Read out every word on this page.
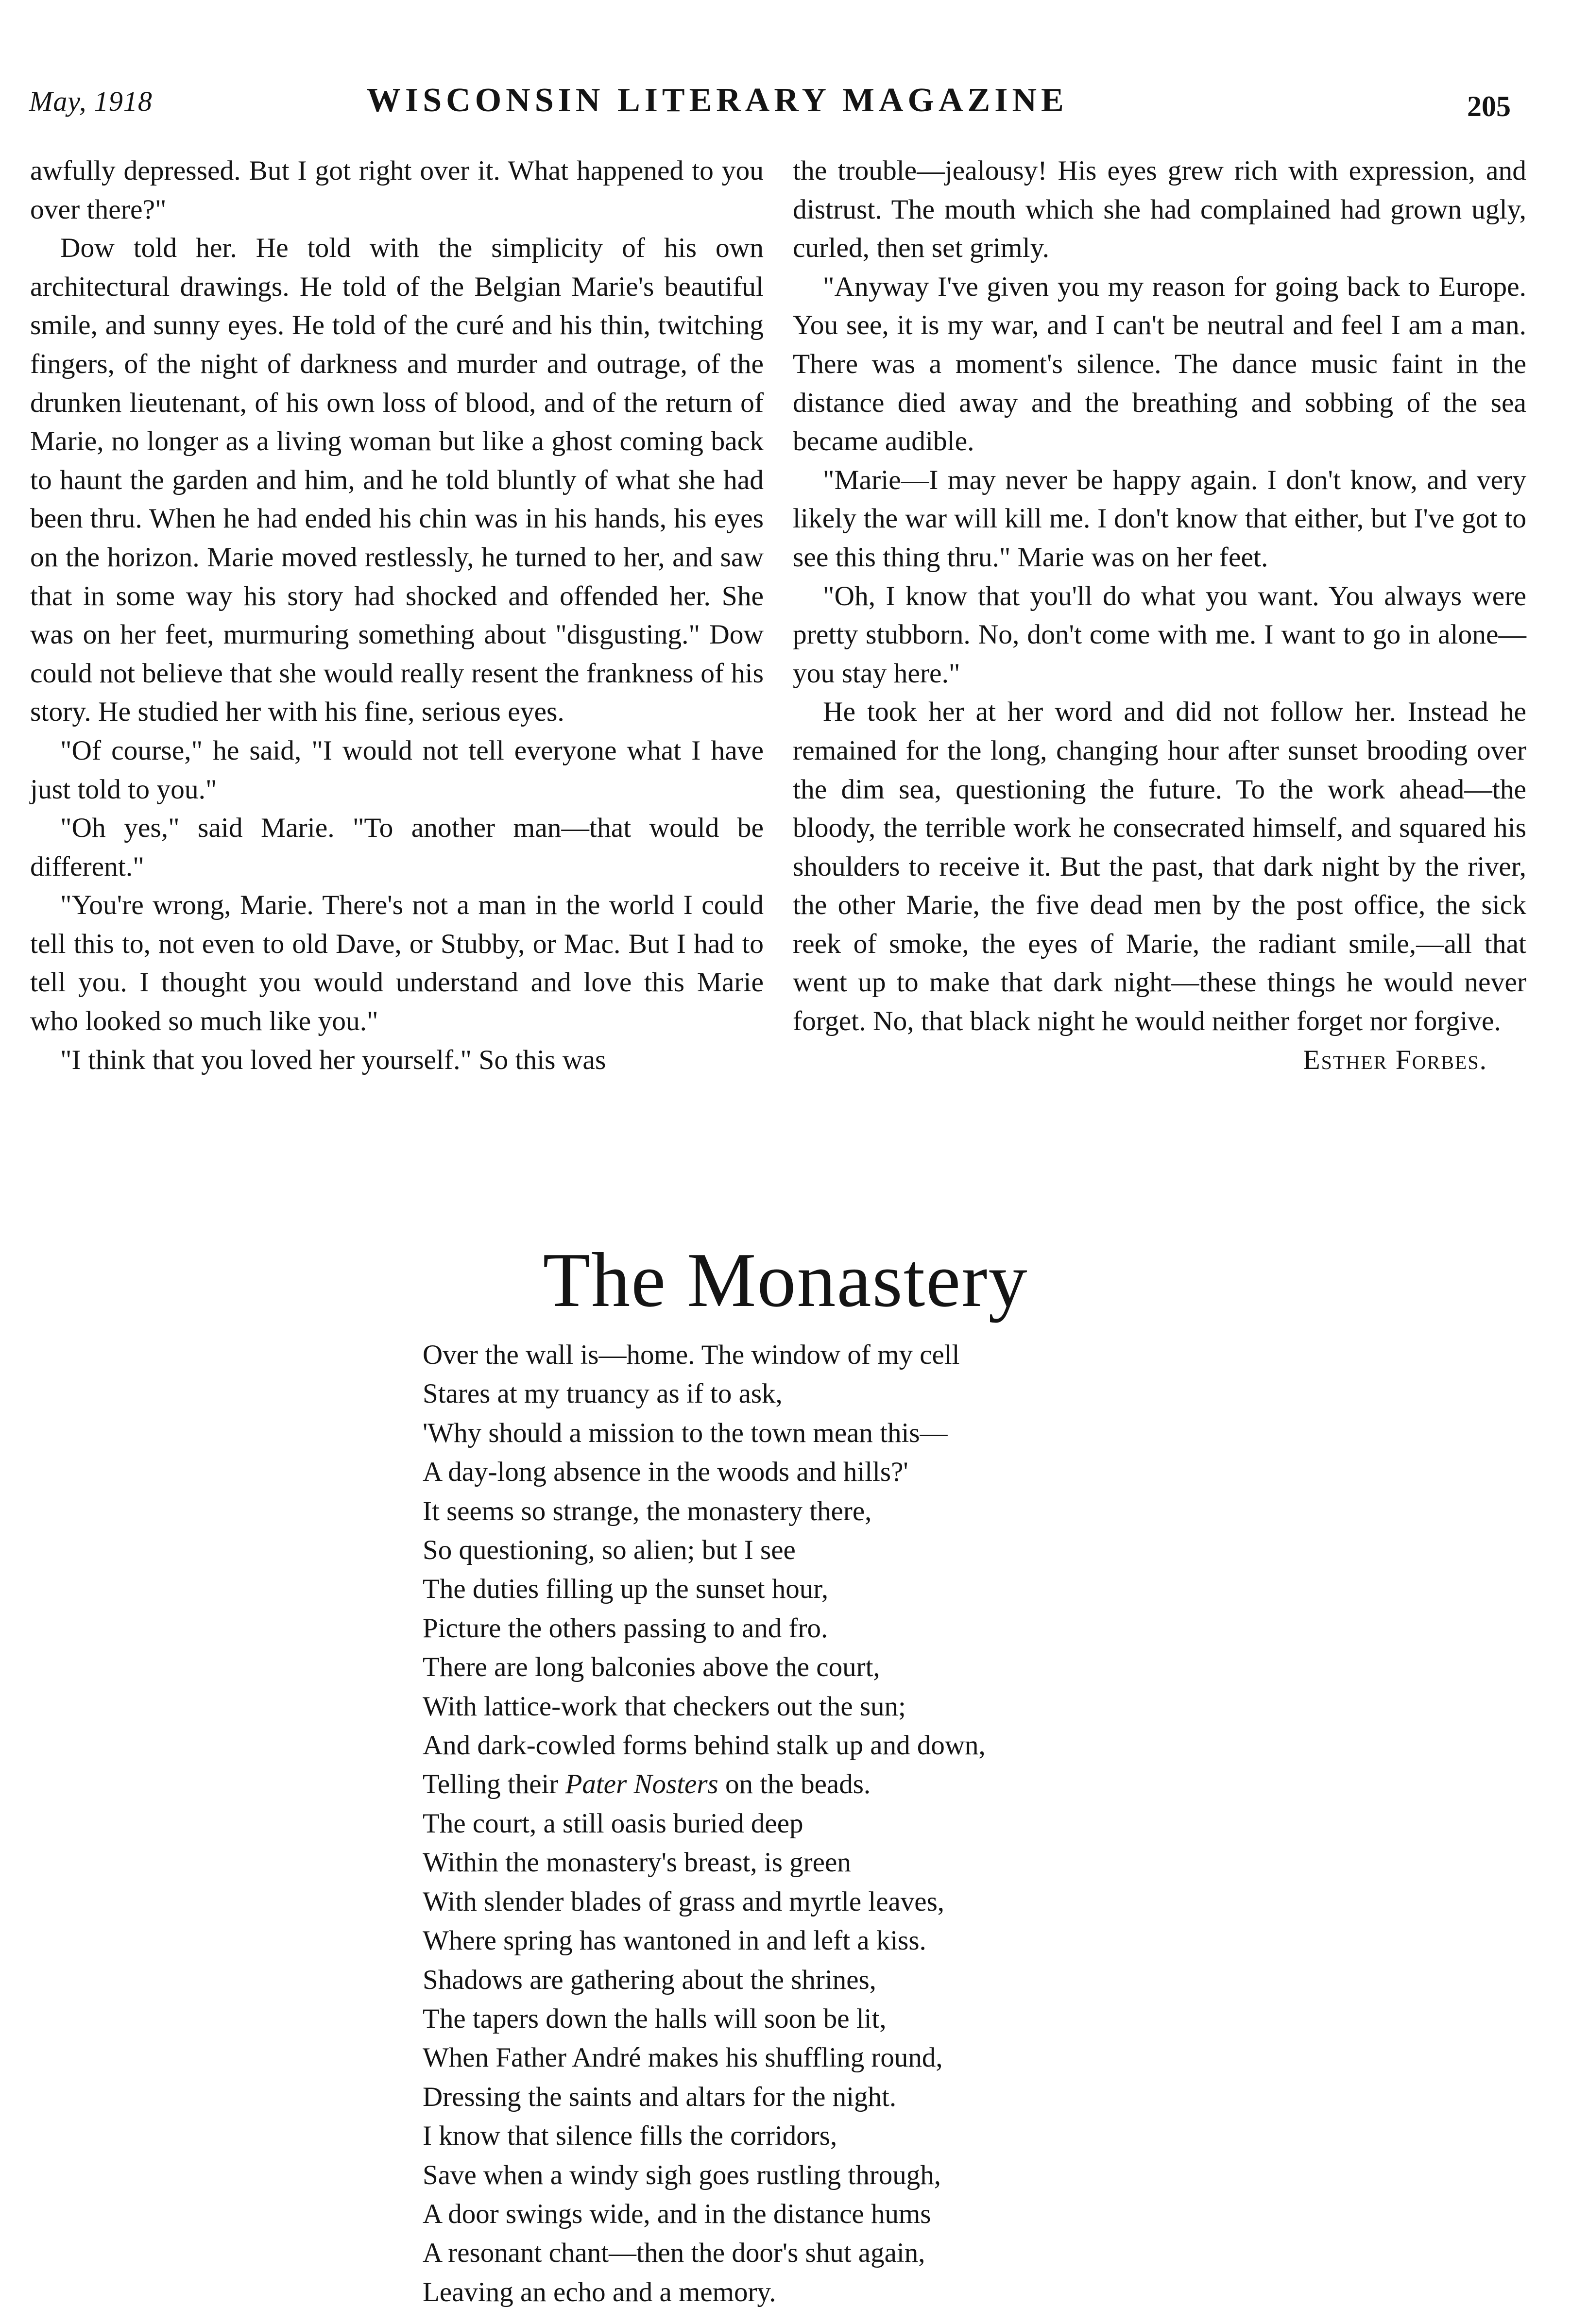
May, 1918	WISCONSIN LITERARY MAGAZINE	205

awfully depressed. But I got right over it. What happened to you over there?"

Dow told her. He told with the simplicity of his own architectural drawings. He told of the Belgian Marie's beautiful smile, and sunny eyes. He told of the curé and his thin, twitching fingers, of the night of darkness and murder and outrage, of the drunken lieutenant, of his own loss of blood, and of the return of Marie, no longer as a living woman but like a ghost coming back to haunt the garden and him, and he told bluntly of what she had been thru. When he had ended his chin was in his hands, his eyes on the horizon. Marie moved restlessly, he turned to her, and saw that in some way his story had shocked and offended her. She was on her feet, murmuring something about "disgusting." Dow could not believe that she would really resent the frankness of his story. He studied her with his fine, serious eyes.

"Of course," he said, "I would not tell everyone what I have just told to you."

"Oh yes," said Marie. "To another man—that would be different."

"You're wrong, Marie. There's not a man in the world I could tell this to, not even to old Dave, or Stubby, or Mac. But I had to tell you. I thought you would understand and love this Marie who looked so much like you."

"I think that you loved her yourself." So this was

the trouble—jealousy! His eyes grew rich with expression, and distrust. The mouth which she had complained had grown ugly, curled, then set grimly.

"Anyway I've given you my reason for going back to Europe. You see, it is my war, and I can't be neutral and feel I am a man. There was a moment's silence. The dance music faint in the distance died away and the breathing and sobbing of the sea became audible.

"Marie—I may never be happy again. I don't know, and very likely the war will kill me. I don't know that either, but I've got to see this thing thru." Marie was on her feet.

"Oh, I know that you'll do what you want. You always were pretty stubborn. No, don't come with me. I want to go in alone—you stay here."

He took her at her word and did not follow her. Instead he remained for the long, changing hour after sunset brooding over the dim sea, questioning the future. To the work ahead—the bloody, the terrible work he consecrated himself, and squared his shoulders to receive it. But the past, that dark night by the river, the other Marie, the five dead men by the post office, the sick reek of smoke, the eyes of Marie, the radiant smile,—all that went up to make that dark night—these things he would never forget. No, that black night he would neither forget nor forgive.

Esther Forbes.

The Monastery
Over the wall is—home. The window of my cell
Stares at my truancy as if to ask,
'Why should a mission to the town mean this—
A day-long absence in the woods and hills?'
It seems so strange, the monastery there,
So questioning, so alien; but I see
The duties filling up the sunset hour,
Picture the others passing to and fro.
There are long balconies above the court,
With lattice-work that checkers out the sun;
And dark-cowled forms behind stalk up and down,
Telling their Pater Nosters on the beads.
The court, a still oasis buried deep
Within the monastery's breast, is green
With slender blades of grass and myrtle leaves,
Where spring has wantoned in and left a kiss.
Shadows are gathering about the shrines,
The tapers down the halls will soon be lit,
When Father André makes his shuffling round,
Dressing the saints and altars for the night.
I know that silence fills the corridors,
Save when a windy sigh goes rustling through,
A door swings wide, and in the distance hums
A resonant chant—then the door's shut again,
Leaving an echo and a memory.
